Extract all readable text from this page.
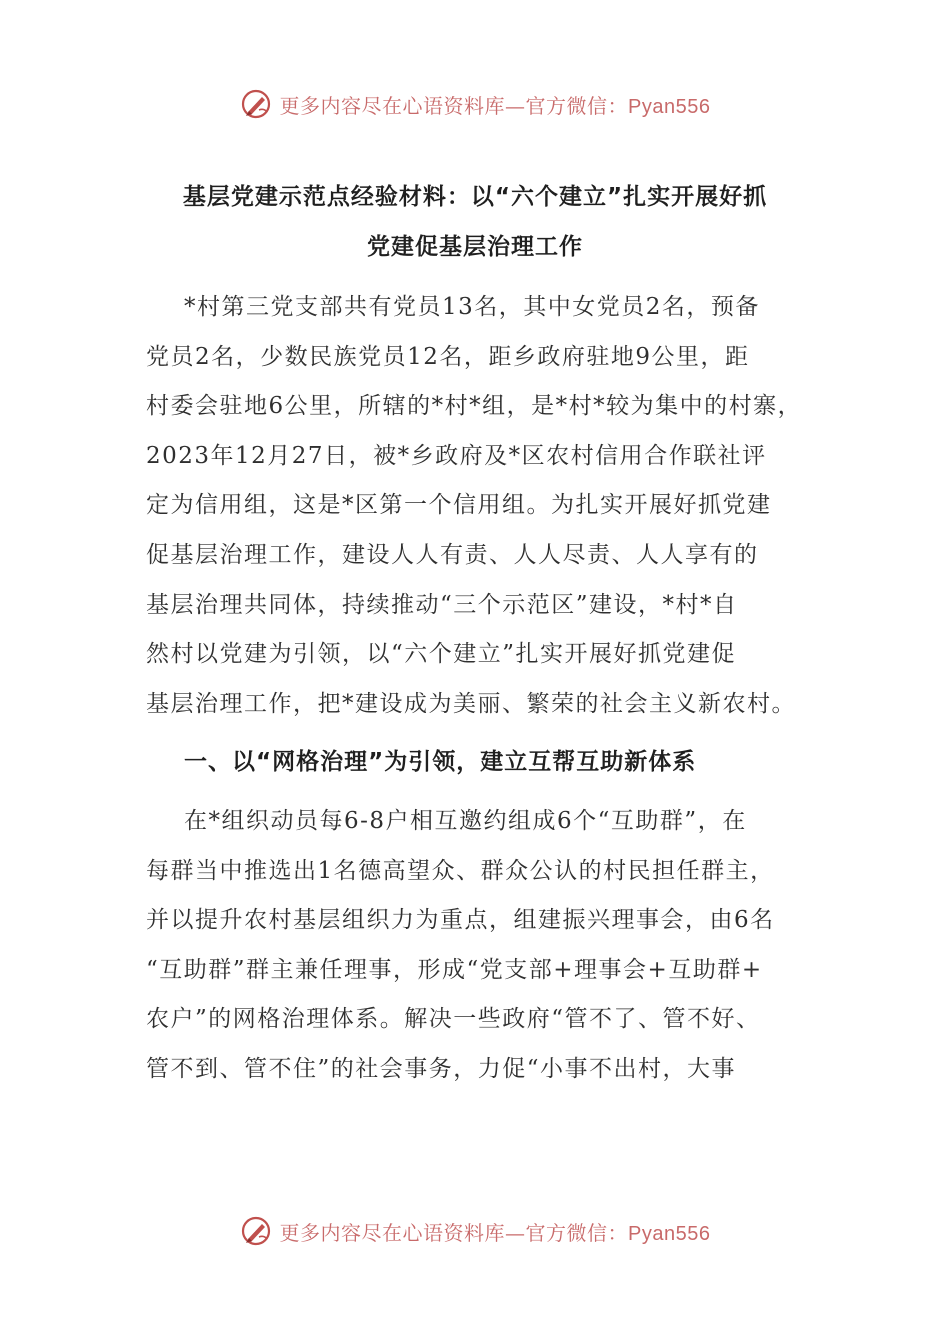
更多内容尽在心语资料库—官方微信：Pyan556
基层党建示范点经验材料：以“六个建立”扎实开展好抓
党建促基层治理工作
*村第三党支部共有党员13名，其中女党员2名，预备
党员2名，少数民族党员12名，距乡政府驻地9公里，距
村委会驻地6公里，所辖的*村*组，是*村*较为集中的村寨，
2023年12月27日，被*乡政府及*区农村信用合作联社评
定为信用组，这是*区第一个信用组。为扎实开展好抓党建
促基层治理工作，建设人人有责、人人尽责、人人享有的
基层治理共同体，持续推动“三个示范区”建设，*村*自
然村以党建为引领，以“六个建立”扎实开展好抓党建促
基层治理工作，把*建设成为美丽、繁荣的社会主义新农村。
一、以“网格治理”为引领，建立互帮互助新体系
在*组织动员每6-8户相互邀约组成6个“互助群”，在
每群当中推选出1名德高望众、群众公认的村民担任群主，
并以提升农村基层组织力为重点，组建振兴理事会，由6名
“互助群”群主兼任理事，形成“党支部+理事会+互助群+
农户”的网格治理体系。解决一些政府“管不了、管不好、
管不到、管不住”的社会事务，力促“小事不出村，大事
更多内容尽在心语资料库—官方微信：Pyan556
